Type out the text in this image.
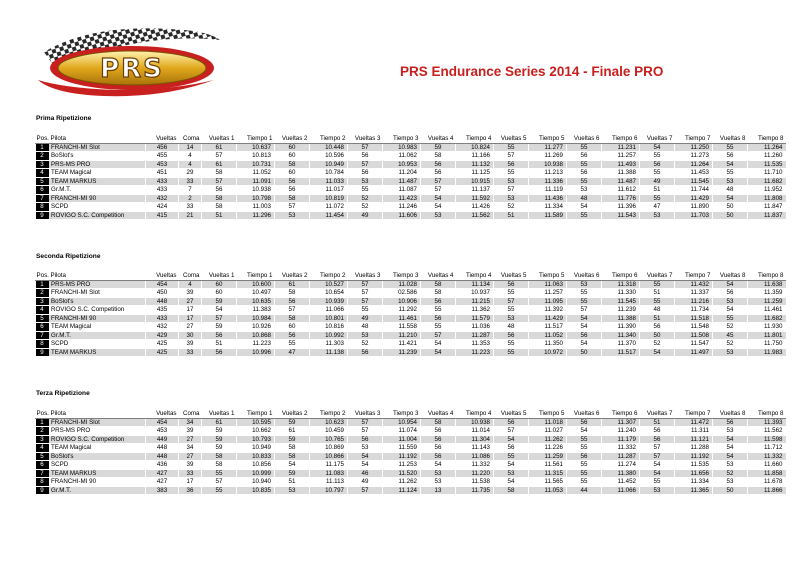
PRS	PRS Endurance Series 2014 - Finale PRO
Prima Ripetizione
Pos.	Pilota	Vueltas	Coma	Vueltas 1	Tiempo 1	Vueltas 2	Tiempo 2	Vueltas 3	Tiempo 3	Vueltas 4	Tiempo 4	Vueltas 5	Tiempo 5	Vueltas 6	Tiempo 6	Vueltas 7	Tiempo 7	Vueltas 8	Tiempo 8
1	FRANCHI-MI Slot	456	14	61	10.637	60	10.448	57	10.983	59	10.824	55	11.277	55	11.231	54	11.250	55	11.264
2	BoSlot's	455	4	57	10.813	60	10.596	56	11.062	58	11.166	57	11.269	56	11.257	55	11.273	56	11.260
3	PRS-MS PRO	453	4	61	10.731	58	10.949	57	10.953	56	11.132	56	10.938	55	11.493	56	11.264	54	11.535
4	TEAM Magical	451	29	58	11.052	60	10.784	56	11.204	56	11.125	55	11.213	56	11.388	55	11.453	55	11.710
5	TEAM MARKUS	433	33	57	11.091	56	11.033	53	11.487	57	10.915	53	11.336	55	11.487	49	11.545	53	11.682
6	Gr.M.T.	433	7	56	10.938	56	11.017	55	11.087	57	11.137	57	11.119	53	11.612	51	11.744	48	11.952
7	FRANCHI-MI 90	432	2	58	10.798	58	10.819	52	11.423	54	11.592	53	11.436	48	11.776	55	11.429	54	11.808
8	SCPD	424	33	58	11.003	57	11.072	52	11.246	54	11.426	52	11.334	54	11.396	47	11.890	50	11.847
9	ROVIGO S.C. Competition	415	21	51	11.296	53	11.454	49	11.606	53	11.562	51	11.589	55	11.543	53	11.703	50	11.837
Seconda Ripetizione
Pos.	Pilota	Vueltas	Coma	Vueltas 1	Tiempo 1	Vueltas 2	Tiempo 2	Vueltas 3	Tiempo 3	Vueltas 4	Tiempo 4	Vueltas 5	Tiempo 5	Vueltas 6	Tiempo 6	Vueltas 7	Tiempo 7	Vueltas 8	Tiempo 8
1	PRS-MS PRO	454	4	60	10.600	61	10.527	57	11.028	58	11.134	56	11.063	53	11.318	55	11.432	54	11.638
2	FRANCHI-MI Slot	450	39	60	10.497	58	10.654	57	02.586	58	10.937	55	11.257	55	11.330	51	11.337	56	11.359
3	BoSlot's	448	27	59	10.635	56	10.939	57	10.906	56	11.215	57	11.095	55	11.545	55	11.216	53	11.259
4	ROVIGO S.C. Competition	435	17	54	11.383	57	11.066	55	11.292	55	11.362	55	11.392	57	11.239	48	11.734	54	11.461
5	FRANCHI-MI 90	433	17	57	10.984	58	10.801	49	11.461	56	11.579	53	11.429	54	11.388	51	11.518	55	11.682
6	TEAM Magical	432	27	59	10.926	60	10.816	48	11.558	55	11.036	48	11.517	54	11.390	56	11.548	52	11.930
7	Gr.M.T.	429	30	56	10.868	56	10.992	53	11.210	57	11.287	56	11.052	56	11.340	50	11.508	45	11.801
8	SCPD	425	39	51	11.223	55	11.303	52	11.421	54	11.353	55	11.350	54	11.370	52	11.547	52	11.750
9	TEAM MARKUS	425	33	56	10.996	47	11.138	56	11.239	54	11.223	55	10.972	50	11.517	54	11.497	53	11.983
Terza Ripetizione
Pos.	Pilota	Vueltas	Coma	Vueltas 1	Tiempo 1	Vueltas 2	Tiempo 2	Vueltas 3	Tiempo 3	Vueltas 4	Tiempo 4	Vueltas 5	Tiempo 5	Vueltas 6	Tiempo 6	Vueltas 7	Tiempo 7	Vueltas 8	Tiempo 8
1	FRANCHI-MI Slot	454	34	61	10.595	59	10.623	57	10.954	58	10.938	56	11.018	56	11.307	51	11.472	56	11.393
2	PRS-MS PRO	453	39	59	10.662	61	10.459	57	11.074	56	11.014	57	11.027	54	11.240	56	11.311	53	11.562
3	ROVIGO S.C. Competition	449	27	59	10.793	59	10.765	56	11.004	56	11.304	54	11.262	55	11.179	56	11.121	54	11.598
4	TEAM Magical	448	34	59	10.949	58	10.869	53	11.559	56	11.143	56	11.226	55	11.332	57	11.288	54	11.712
5	BoSlot's	448	27	58	10.833	58	10.866	54	11.192	56	11.086	55	11.259	56	11.287	57	11.192	54	11.332
6	SCPD	436	39	58	10.856	54	11.175	54	11.253	54	11.332	54	11.561	55	11.274	54	11.535	53	11.660
7	TEAM MARKUS	427	33	55	10.999	59	11.083	46	11.520	53	11.220	53	11.315	55	11.380	54	11.656	52	11.858
8	FRANCHI-MI 90	427	17	57	10.940	51	11.113	49	11.262	53	11.538	54	11.565	55	11.452	55	11.334	53	11.678
9	Gr.M.T.	383	36	55	10.835	53	10.797	57	11.124	13	11.735	58	11.053	44	11.066	53	11.365	50	11.866
